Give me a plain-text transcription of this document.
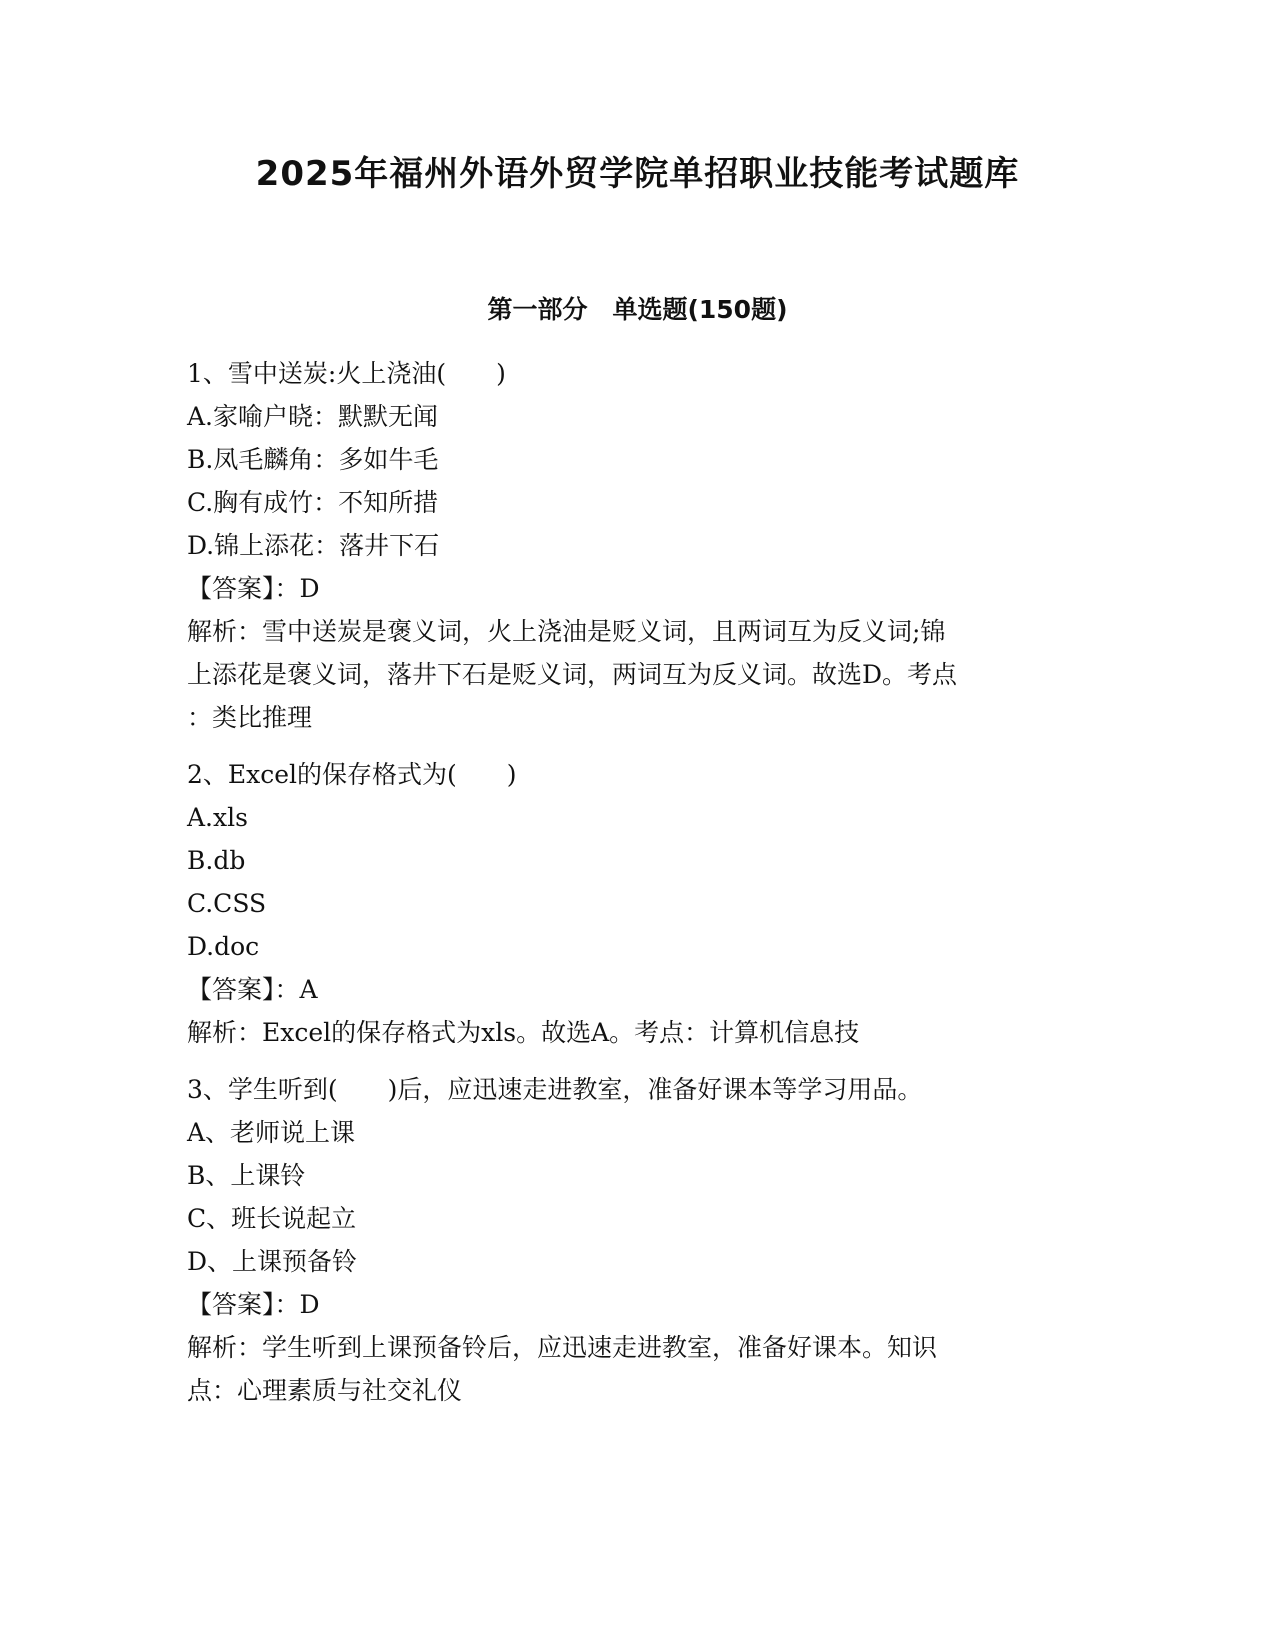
2025年福州外语外贸学院单招职业技能考试题库
第一部分　单选题(150题)
1、雪中送炭:火上浇油(　　)
A.家喻户晓：默默无闻
B.凤毛麟角：多如牛毛
C.胸有成竹：不知所措
D.锦上添花：落井下石
【答案】：D
解析：雪中送炭是褒义词，火上浇油是贬义词，且两词互为反义词;锦
上添花是褒义词，落井下石是贬义词，两词互为反义词。故选D。考点
：类比推理
2、Excel的保存格式为(　　)
A.xls
B.db
C.CSS
D.doc
【答案】：A
解析：Excel的保存格式为xls。故选A。考点：计算机信息技
3、学生听到(　　)后，应迅速走进教室，准备好课本等学习用品。
A、老师说上课
B、上课铃
C、班长说起立
D、上课预备铃
【答案】：D
解析：学生听到上课预备铃后，应迅速走进教室，准备好课本。知识
点：心理素质与社交礼仪
